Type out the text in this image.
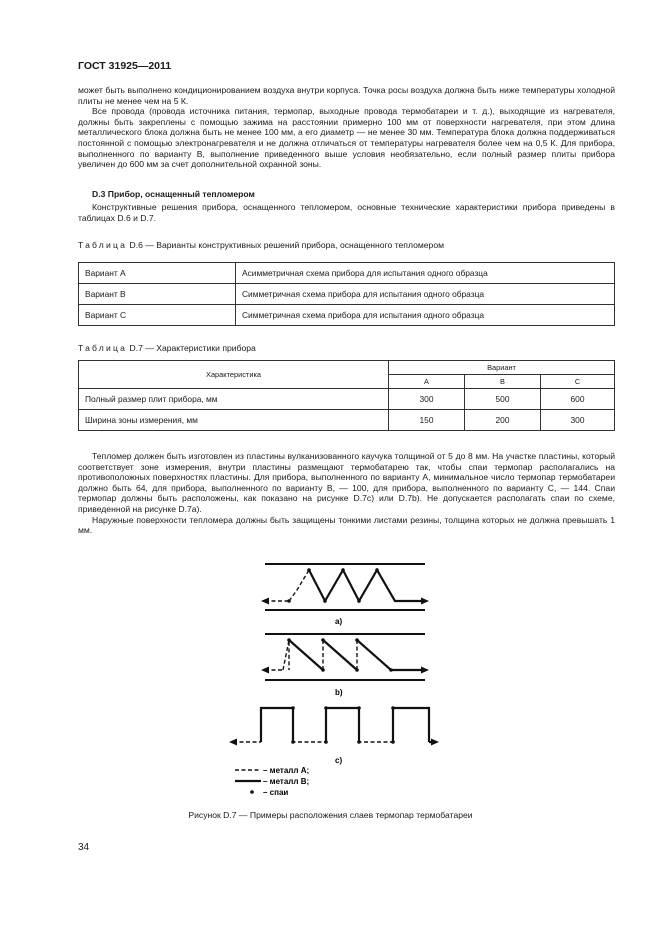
ГОСТ 31925—2011

может быть выполнено кондиционированием воздуха внутри корпуса. Точка росы воздуха должна быть ниже температуры холодной плиты не менее чем на 5 К.

Все провода (провода источника питания, термопар, выходные провода термобатареи и т. д.), выходящие из нагревателя, должны быть закреплены с помощью зажима на расстоянии примерно 100 мм от поверхности нагревателя, при этом длина металлического блока должна быть не менее 100 мм, а его диаметр — не менее 30 мм. Температура блока должна поддерживаться постоянной с помощью электронагревателя и не должна отличаться от температуры нагревателя более чем на 0,5 К. Для прибора, выполненного по варианту B, выполнение приведенного выше условия необязательно, если полный размер плиты прибора увеличен до 600 мм за счет дополнительной охранной зоны.

D.3 Прибор, оснащенный тепломером

Конструктивные решения прибора, оснащенного тепломером, основные технические характеристики прибора приведены в таблицах D.6 и D.7.

Таблица D.6 — Варианты конструктивных решений прибора, оснащенного тепломером
Вариант A	Асимметричная схема прибора для испытания одного образца
Вариант B	Симметричная схема прибора для испытания одного образца
Вариант C	Симметричная схема прибора для испытания одного образца
Таблица D.7 — Характеристики прибора
Характеристика	Вариант		
	A	B	C
Полный размер плит прибора, мм	300	500	600
Ширина зоны измерения, мм	150	200	300

Тепломер должен быть изготовлен из пластины вулканизованного каучука толщиной от 5 до 8 мм. На участке пластины, который соответствует зоне измерения, внутри пластины размещают термобатарею так, чтобы спаи термопар располагались на противоположных поверхностях пластины. Для прибора, выполненного по варианту A, минимальное число термопар термобатареи должно быть 64, для прибора, выполненного по варианту B, — 100, для прибора, выполненного по варианту C, — 144. Спаи термопар должны быть расположены, как показано на рисунке D.7c) или D.7b). Не допускается располагать спаи по схеме, приведенной на рисунке D.7a).

Наружные поверхности тепломера должны быть защищены тонкими листами резины, толщина которых не должна превышать 1 мм.

a)
b)
c)
– металл A;
– металл B;
– спаи
Рисунок D.7 — Примеры расположения слаев термопар термобатареи
34
